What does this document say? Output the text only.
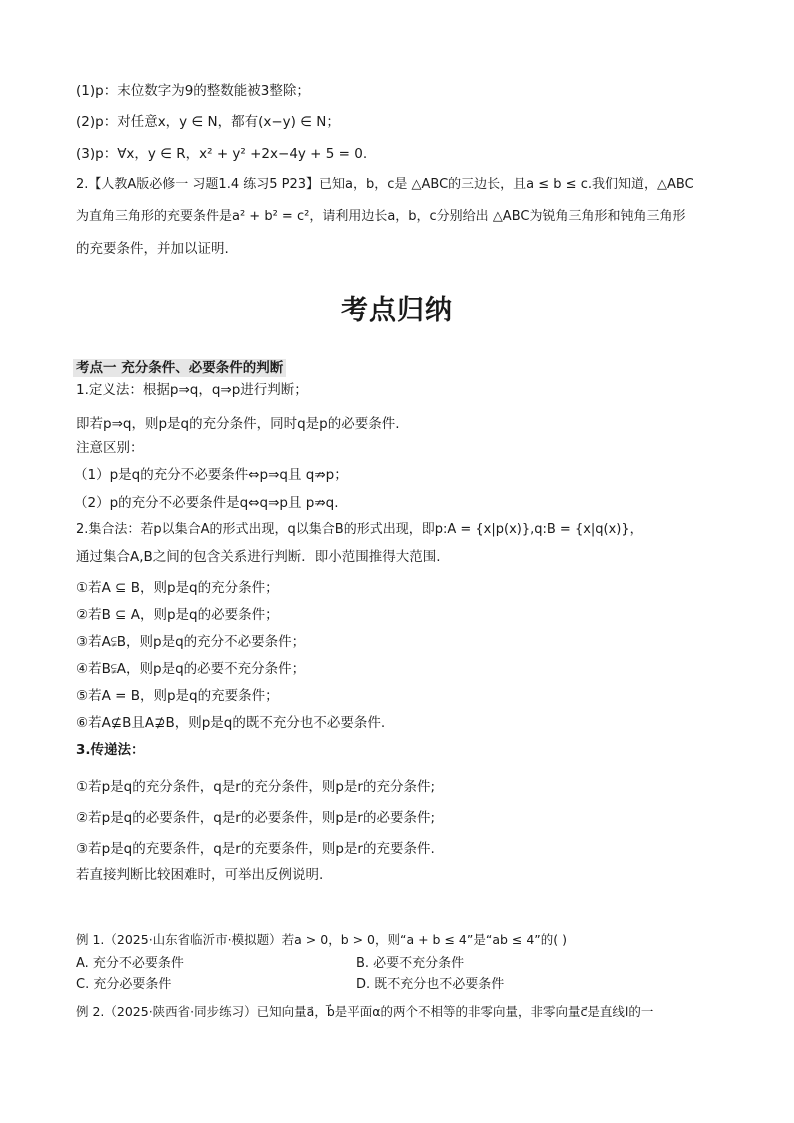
(1)p：末位数字为9的整数能被3整除；
(2)p：对任意x，y ∈ N，都有(x−y) ∈ N；
(3)p：∀x，y ∈ R，x² + y² +2x−4y + 5 = 0.
2.【人教A版必修一 习题1.4 练习5 P23】已知a，b，c是 △ABC的三边长，且a ≤ b ≤ c.我们知道，△ABC
为直角三角形的充要条件是a² + b² = c²，请利用边长a，b，c分别给出 △ABC为锐角三角形和钝角三角形
的充要条件，并加以证明.
考点归纳
考点一 充分条件、必要条件的判断
1.定义法：根据p⇒q，q⇒p进行判断；
即若p⇒q，则p是q的充分条件，同时q是p的必要条件.
注意区别：
（1）p是q的充分不必要条件⇔p⇒q且 q⇏p；
（2）p的充分不必要条件是q⇔q⇒p且 p⇏q.
2.集合法：若p以集合A的形式出现，q以集合B的形式出现，即p:A = {x|p(x)},q:B = {x|q(x)}，
通过集合A,B之间的包含关系进行判断．即小范围推得大范围.
①若A ⊆ B，则p是q的充分条件；
②若B ⊆ A，则p是q的必要条件；
③若A⫋B，则p是q的充分不必要条件；
④若B⫋A，则p是q的必要不充分条件；
⑤若A = B，则p是q的充要条件；
⑥若A⊈B且A⊉B，则p是q的既不充分也不必要条件.
3.传递法：
①若p是q的充分条件，q是r的充分条件，则p是r的充分条件;
②若p是q的必要条件，q是r的必要条件，则p是r的必要条件;
③若p是q的充要条件，q是r的充要条件，则p是r的充要条件.
若直接判断比较困难时，可举出反例说明.
例 1.（2025·山东省临沂市·模拟题）若a > 0，b > 0，则“a + b ≤ 4”是“ab ≤ 4”的( )
A. 充分不必要条件	B. 必要不充分条件
C. 充分必要条件	D. 既不充分也不必要条件
例 2.（2025·陕西省·同步练习）已知向量a⃗，b⃗是平面α的两个不相等的非零向量，非零向量c⃗是直线l的一
